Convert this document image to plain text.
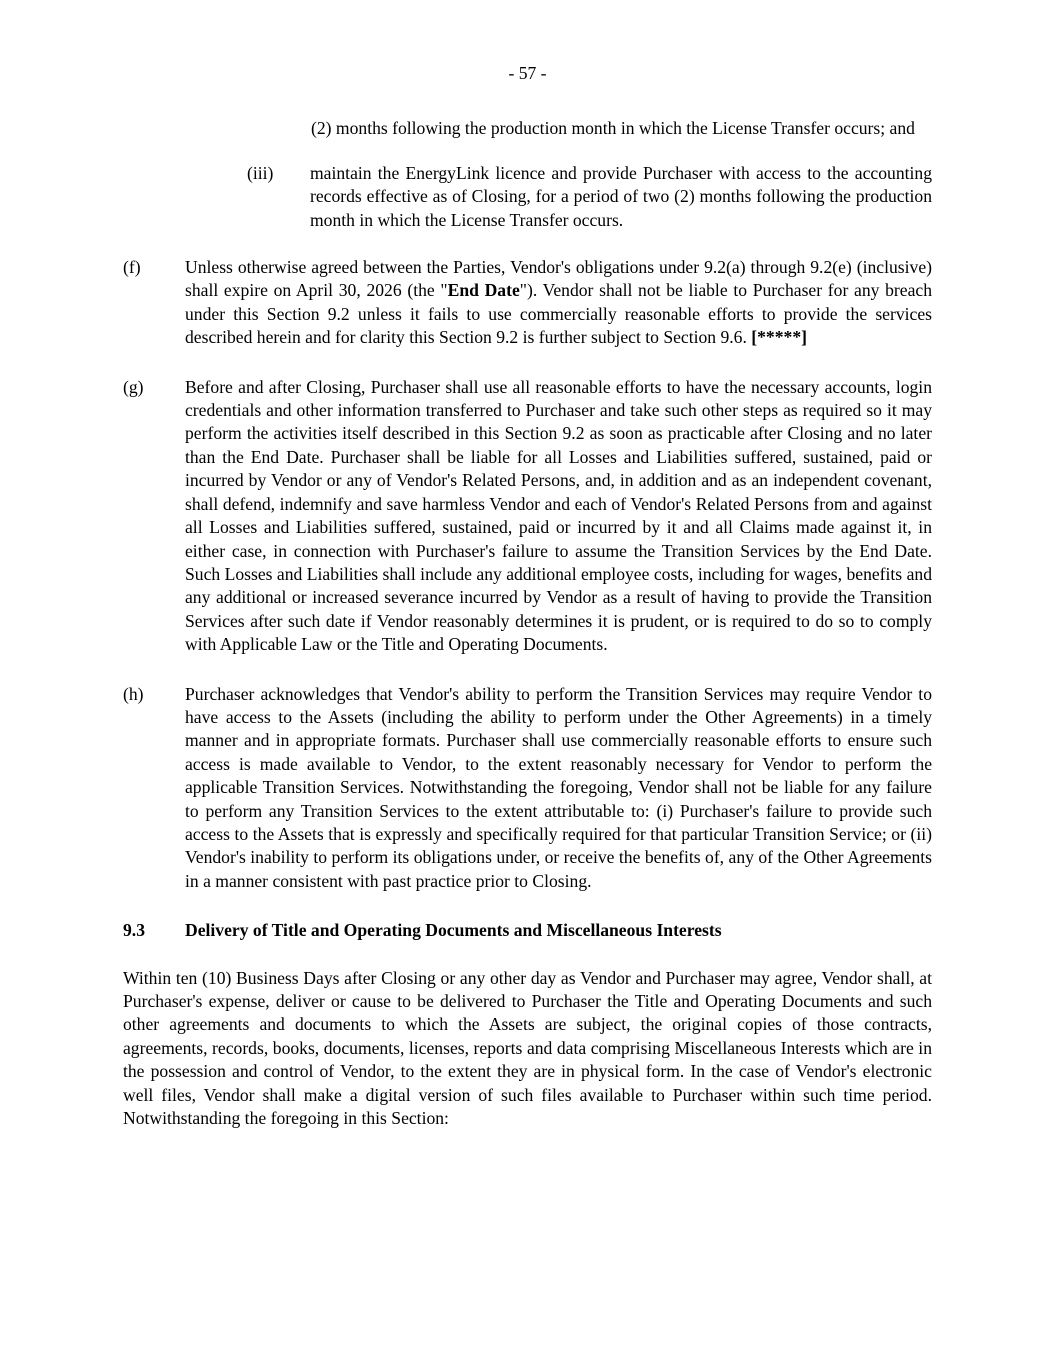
- 57 -
(2) months following the production month in which the License Transfer occurs; and
(iii)	maintain the EnergyLink licence and provide Purchaser with access to the accounting records effective as of Closing, for a period of two (2) months following the production month in which the License Transfer occurs.
(f)	Unless otherwise agreed between the Parties, Vendor's obligations under 9.2(a) through 9.2(e) (inclusive) shall expire on April 30, 2026 (the "End Date"). Vendor shall not be liable to Purchaser for any breach under this Section 9.2 unless it fails to use commercially reasonable efforts to provide the services described herein and for clarity this Section 9.2 is further subject to Section 9.6. [*****]
(g)	Before and after Closing, Purchaser shall use all reasonable efforts to have the necessary accounts, login credentials and other information transferred to Purchaser and take such other steps as required so it may perform the activities itself described in this Section 9.2 as soon as practicable after Closing and no later than the End Date. Purchaser shall be liable for all Losses and Liabilities suffered, sustained, paid or incurred by Vendor or any of Vendor's Related Persons, and, in addition and as an independent covenant, shall defend, indemnify and save harmless Vendor and each of Vendor's Related Persons from and against all Losses and Liabilities suffered, sustained, paid or incurred by it and all Claims made against it, in either case, in connection with Purchaser's failure to assume the Transition Services by the End Date. Such Losses and Liabilities shall include any additional employee costs, including for wages, benefits and any additional or increased severance incurred by Vendor as a result of having to provide the Transition Services after such date if Vendor reasonably determines it is prudent, or is required to do so to comply with Applicable Law or the Title and Operating Documents.
(h)	Purchaser acknowledges that Vendor's ability to perform the Transition Services may require Vendor to have access to the Assets (including the ability to perform under the Other Agreements) in a timely manner and in appropriate formats. Purchaser shall use commercially reasonable efforts to ensure such access is made available to Vendor, to the extent reasonably necessary for Vendor to perform the applicable Transition Services. Notwithstanding the foregoing, Vendor shall not be liable for any failure to perform any Transition Services to the extent attributable to: (i) Purchaser's failure to provide such access to the Assets that is expressly and specifically required for that particular Transition Service; or (ii) Vendor's inability to perform its obligations under, or receive the benefits of, any of the Other Agreements in a manner consistent with past practice prior to Closing.
9.3	Delivery of Title and Operating Documents and Miscellaneous Interests
Within ten (10) Business Days after Closing or any other day as Vendor and Purchaser may agree, Vendor shall, at Purchaser's expense, deliver or cause to be delivered to Purchaser the Title and Operating Documents and such other agreements and documents to which the Assets are subject, the original copies of those contracts, agreements, records, books, documents, licenses, reports and data comprising Miscellaneous Interests which are in the possession and control of Vendor, to the extent they are in physical form. In the case of Vendor's electronic well files, Vendor shall make a digital version of such files available to Purchaser within such time period. Notwithstanding the foregoing in this Section:
